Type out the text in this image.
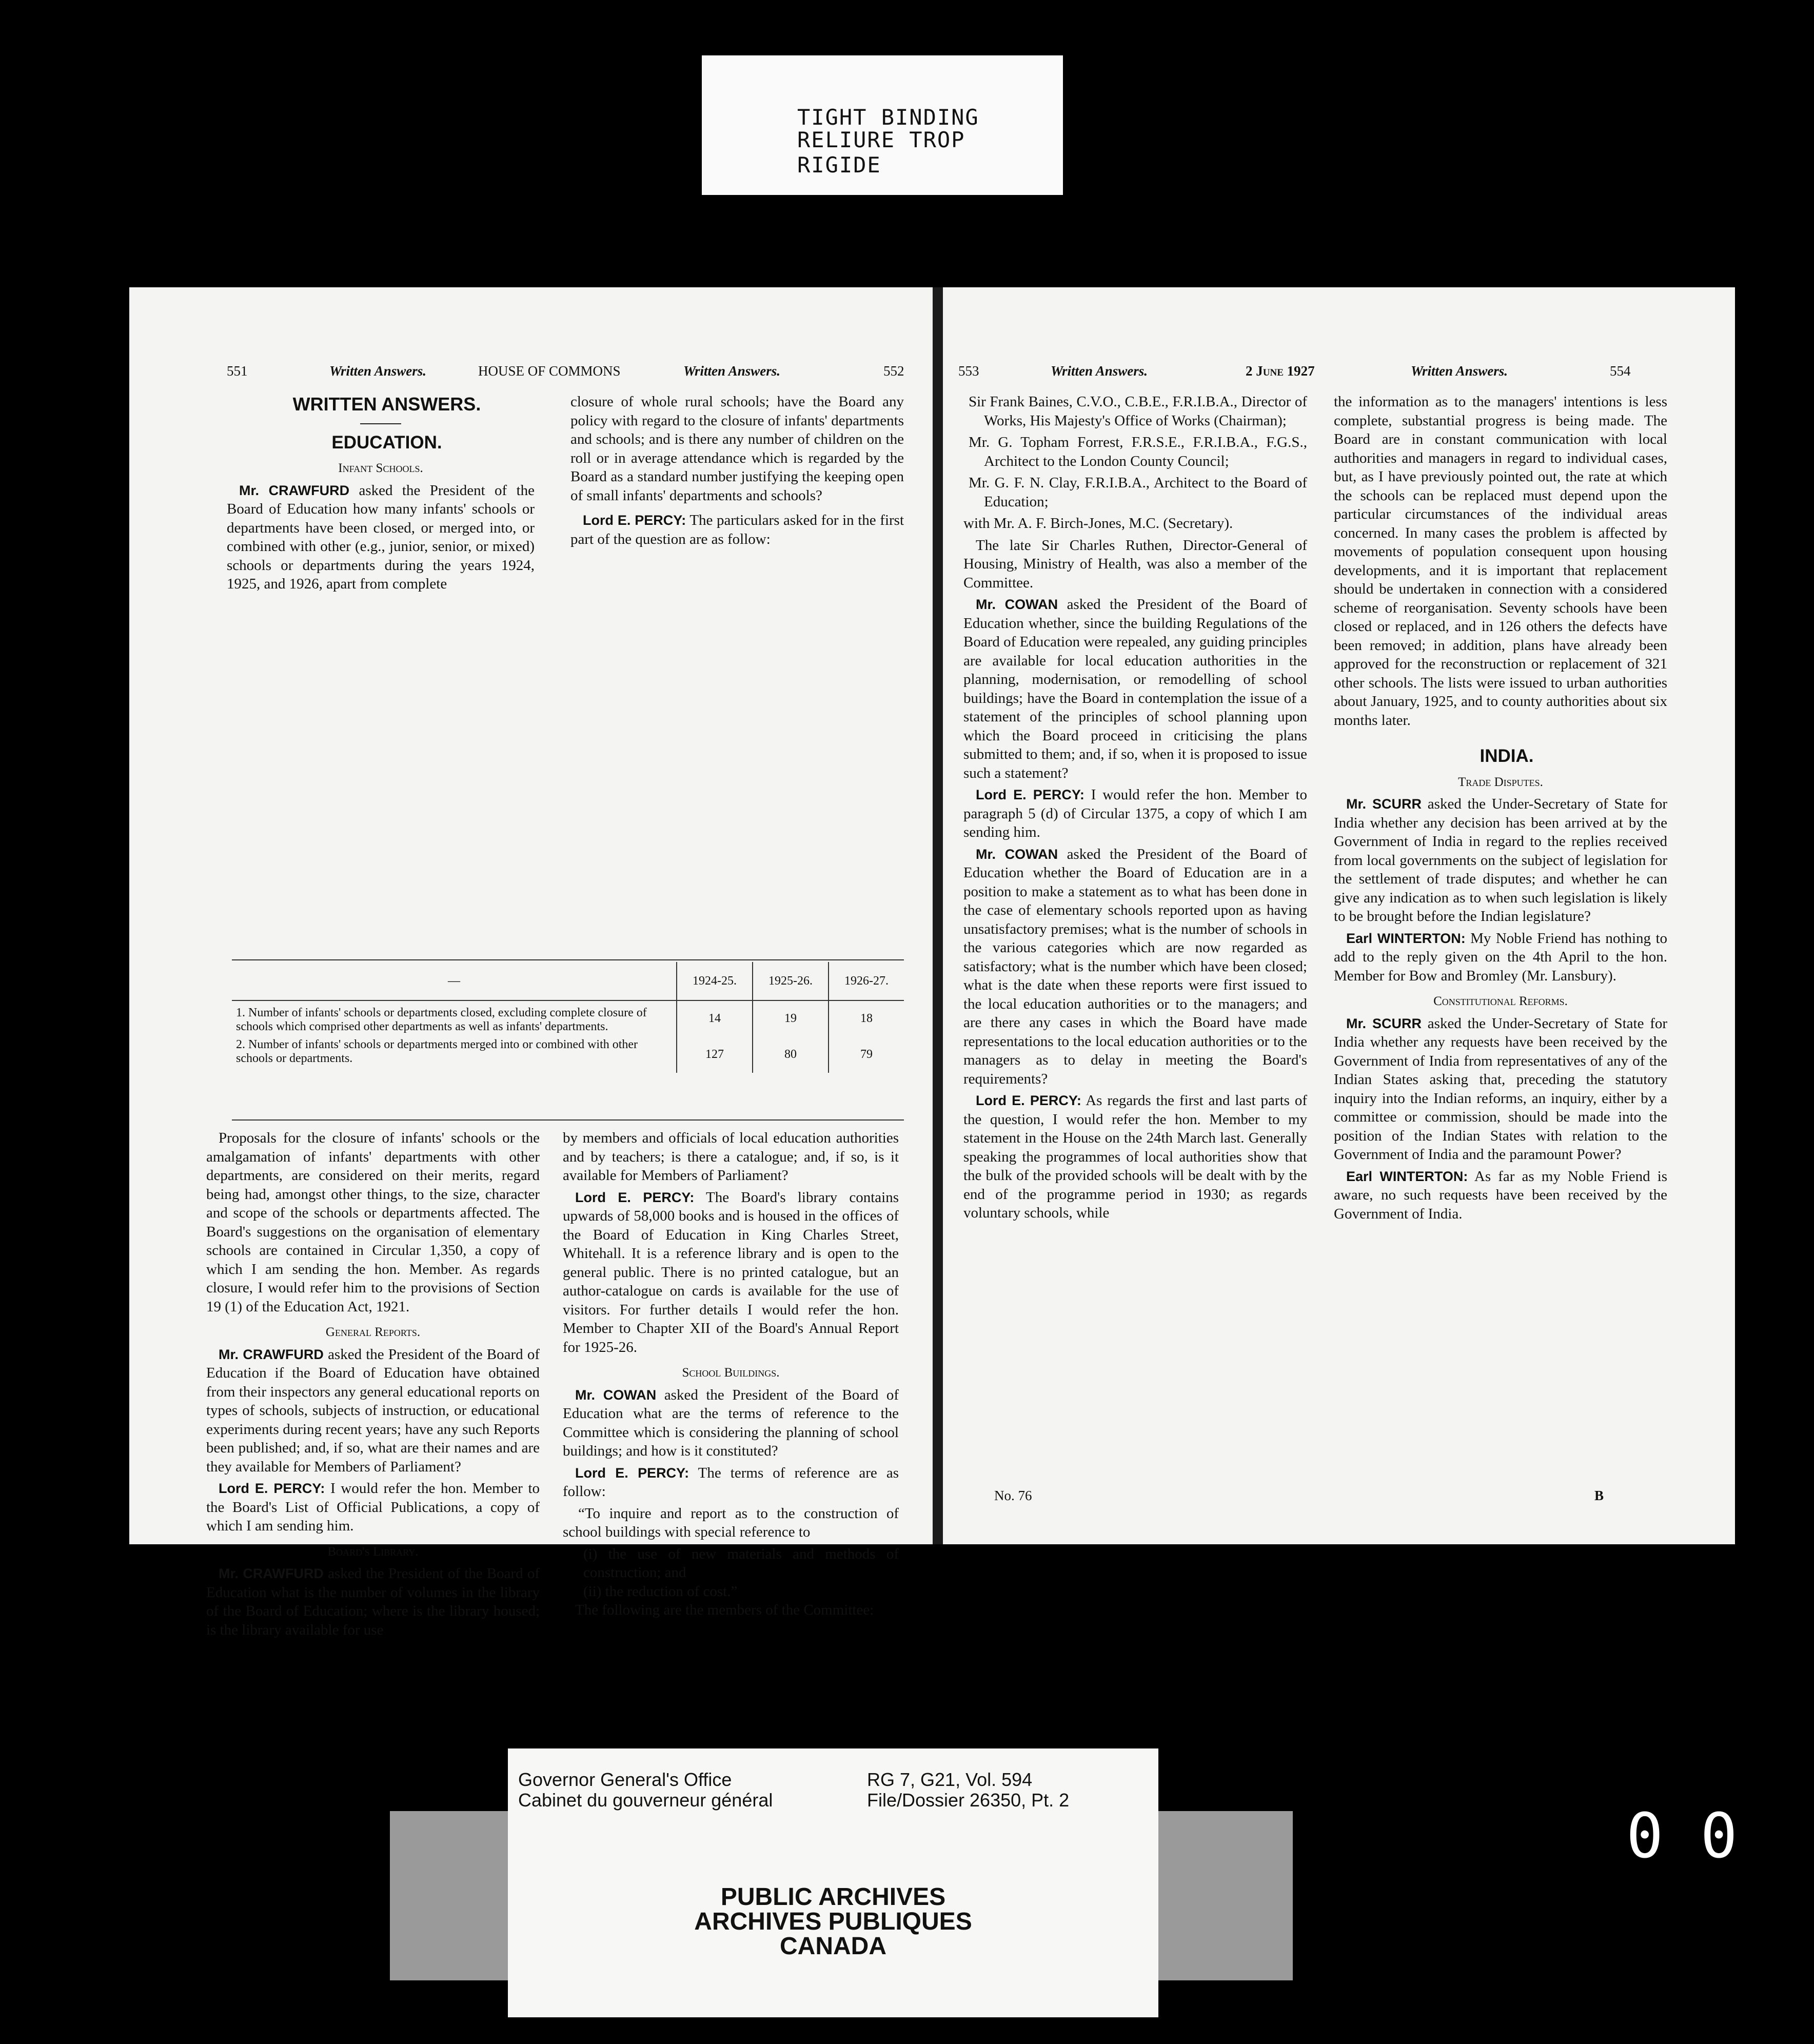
TIGHT BINDING
RELIURE TROP RIGIDE
551	Written Answers.	HOUSE OF COMMONS	Written Answers.	552

WRITTEN ANSWERS.

EDUCATION.

Infant Schools.

Mr. CRAWFURD asked the President of the Board of Education how many infants' schools or departments have been closed, or merged into, or combined with other (e.g., junior, senior, or mixed) schools or departments during the years 1924, 1925, and 1926, apart from complete

closure of whole rural schools; have the Board any policy with regard to the closure of infants' departments and schools; and is there any number of children on the roll or in average attendance which is regarded by the Board as a standard number justifying the keeping open of small infants' departments and schools?

Lord E. PERCY: The particulars asked for in the first part of the question are as follow:

—	1924-25.	1925-26.	1926-27.
1. Number of infants' schools or departments closed, excluding complete closure of schools which comprised other departments as well as infants' departments.	14	19	18
2. Number of infants' schools or departments merged into or combined with other schools or departments.	127	80	79

Proposals for the closure of infants' schools or the amalgamation of infants' departments with other departments, are considered on their merits, regard being had, amongst other things, to the size, character and scope of the schools or departments affected. The Board's suggestions on the organisation of elementary schools are contained in Circular 1,350, a copy of which I am sending the hon. Member. As regards closure, I would refer him to the provisions of Section 19 (1) of the Education Act, 1921.

General Reports.

Mr. CRAWFURD asked the President of the Board of Education if the Board of Education have obtained from their inspectors any general educational reports on types of schools, subjects of instruction, or educational experiments during recent years; have any such Reports been published; and, if so, what are their names and are they available for Members of Parliament?

Lord E. PERCY: I would refer the hon. Member to the Board's List of Official Publications, a copy of which I am sending him.

Board's Library.

Mr. CRAWFURD asked the President of the Board of Education what is the number of volumes in the library of the Board of Education; where is the library housed; is the library available for use

by members and officials of local education authorities and by teachers; is there a catalogue; and, if so, is it available for Members of Parliament?

Lord E. PERCY: The Board's library contains upwards of 58,000 books and is housed in the offices of the Board of Education in King Charles Street, Whitehall. It is a reference library and is open to the general public. There is no printed catalogue, but an author-catalogue on cards is available for the use of visitors. For further details I would refer the hon. Member to Chapter XII of the Board's Annual Report for 1925-26.

School Buildings.

Mr. COWAN asked the President of the Board of Education what are the terms of reference to the Committee which is considering the planning of school buildings; and how is it constituted?

Lord E. PERCY: The terms of reference are as follow:

“To inquire and report as to the construction of school buildings with special reference to

(i) the use of new materials and methods of construction; and

(ii) the reduction of cost.”

The following are the members of the Committee:

553	Written Answers.	2 June 1927	Written Answers.	554

Sir Frank Baines, C.V.O., C.B.E., F.R.I.B.A., Director of Works, His Majesty's Office of Works (Chairman);

Mr. G. Topham Forrest, F.R.S.E., F.R.I.B.A., F.G.S., Architect to the London County Council;

Mr. G. F. N. Clay, F.R.I.B.A., Architect to the Board of Education;

with Mr. A. F. Birch-Jones, M.C. (Secretary).

The late Sir Charles Ruthen, Director-General of Housing, Ministry of Health, was also a member of the Committee.

Mr. COWAN asked the President of the Board of Education whether, since the building Regulations of the Board of Education were repealed, any guiding principles are available for local education authorities in the planning, modernisation, or remodelling of school buildings; have the Board in contemplation the issue of a statement of the principles of school planning upon which the Board proceed in criticising the plans submitted to them; and, if so, when it is proposed to issue such a statement?

Lord E. PERCY: I would refer the hon. Member to paragraph 5 (d) of Circular 1375, a copy of which I am sending him.

Mr. COWAN asked the President of the Board of Education whether the Board of Education are in a position to make a statement as to what has been done in the case of elementary schools reported upon as having unsatisfactory premises; what is the number of schools in the various categories which are now regarded as satisfactory; what is the number which have been closed; what is the date when these reports were first issued to the local education authorities or to the managers; and are there any cases in which the Board have made representations to the local education authorities or to the managers as to delay in meeting the Board's requirements?

Lord E. PERCY: As regards the first and last parts of the question, I would refer the hon. Member to my statement in the House on the 24th March last. Generally speaking the programmes of local authorities show that the bulk of the provided schools will be dealt with by the end of the programme period in 1930; as regards voluntary schools, while

the information as to the managers' intentions is less complete, substantial progress is being made. The Board are in constant communication with local authorities and managers in regard to individual cases, but, as I have previously pointed out, the rate at which the schools can be replaced must depend upon the particular circumstances of the individual areas concerned. In many cases the problem is affected by movements of population consequent upon housing developments, and it is important that replacement should be undertaken in connection with a considered scheme of reorganisation. Seventy schools have been closed or replaced, and in 126 others the defects have been removed; in addition, plans have already been approved for the reconstruction or replacement of 321 other schools. The lists were issued to urban authorities about January, 1925, and to county authorities about six months later.

INDIA.

Trade Disputes.

Mr. SCURR asked the Under-Secretary of State for India whether any decision has been arrived at by the Government of India in regard to the replies received from local governments on the subject of legislation for the settlement of trade disputes; and whether he can give any indication as to when such legislation is likely to be brought before the Indian legislature?

Earl WINTERTON: My Noble Friend has nothing to add to the reply given on the 4th April to the hon. Member for Bow and Bromley (Mr. Lansbury).

Constitutional Reforms.

Mr. SCURR asked the Under-Secretary of State for India whether any requests have been received by the Government of India from representatives of any of the Indian States asking that, preceding the statutory inquiry into the Indian reforms, an inquiry, either by a committee or commission, should be made into the position of the Indian States with relation to the Government of India and the paramount Power?

Earl WINTERTON: As far as my Noble Friend is aware, no such requests have been received by the Government of India.

No. 76	B
Governor General's Office
Cabinet du gouverneur général
RG 7, G21, Vol. 594
File/Dossier 26350, Pt. 2
PUBLIC ARCHIVES
ARCHIVES PUBLIQUES
CANADA
0 0
